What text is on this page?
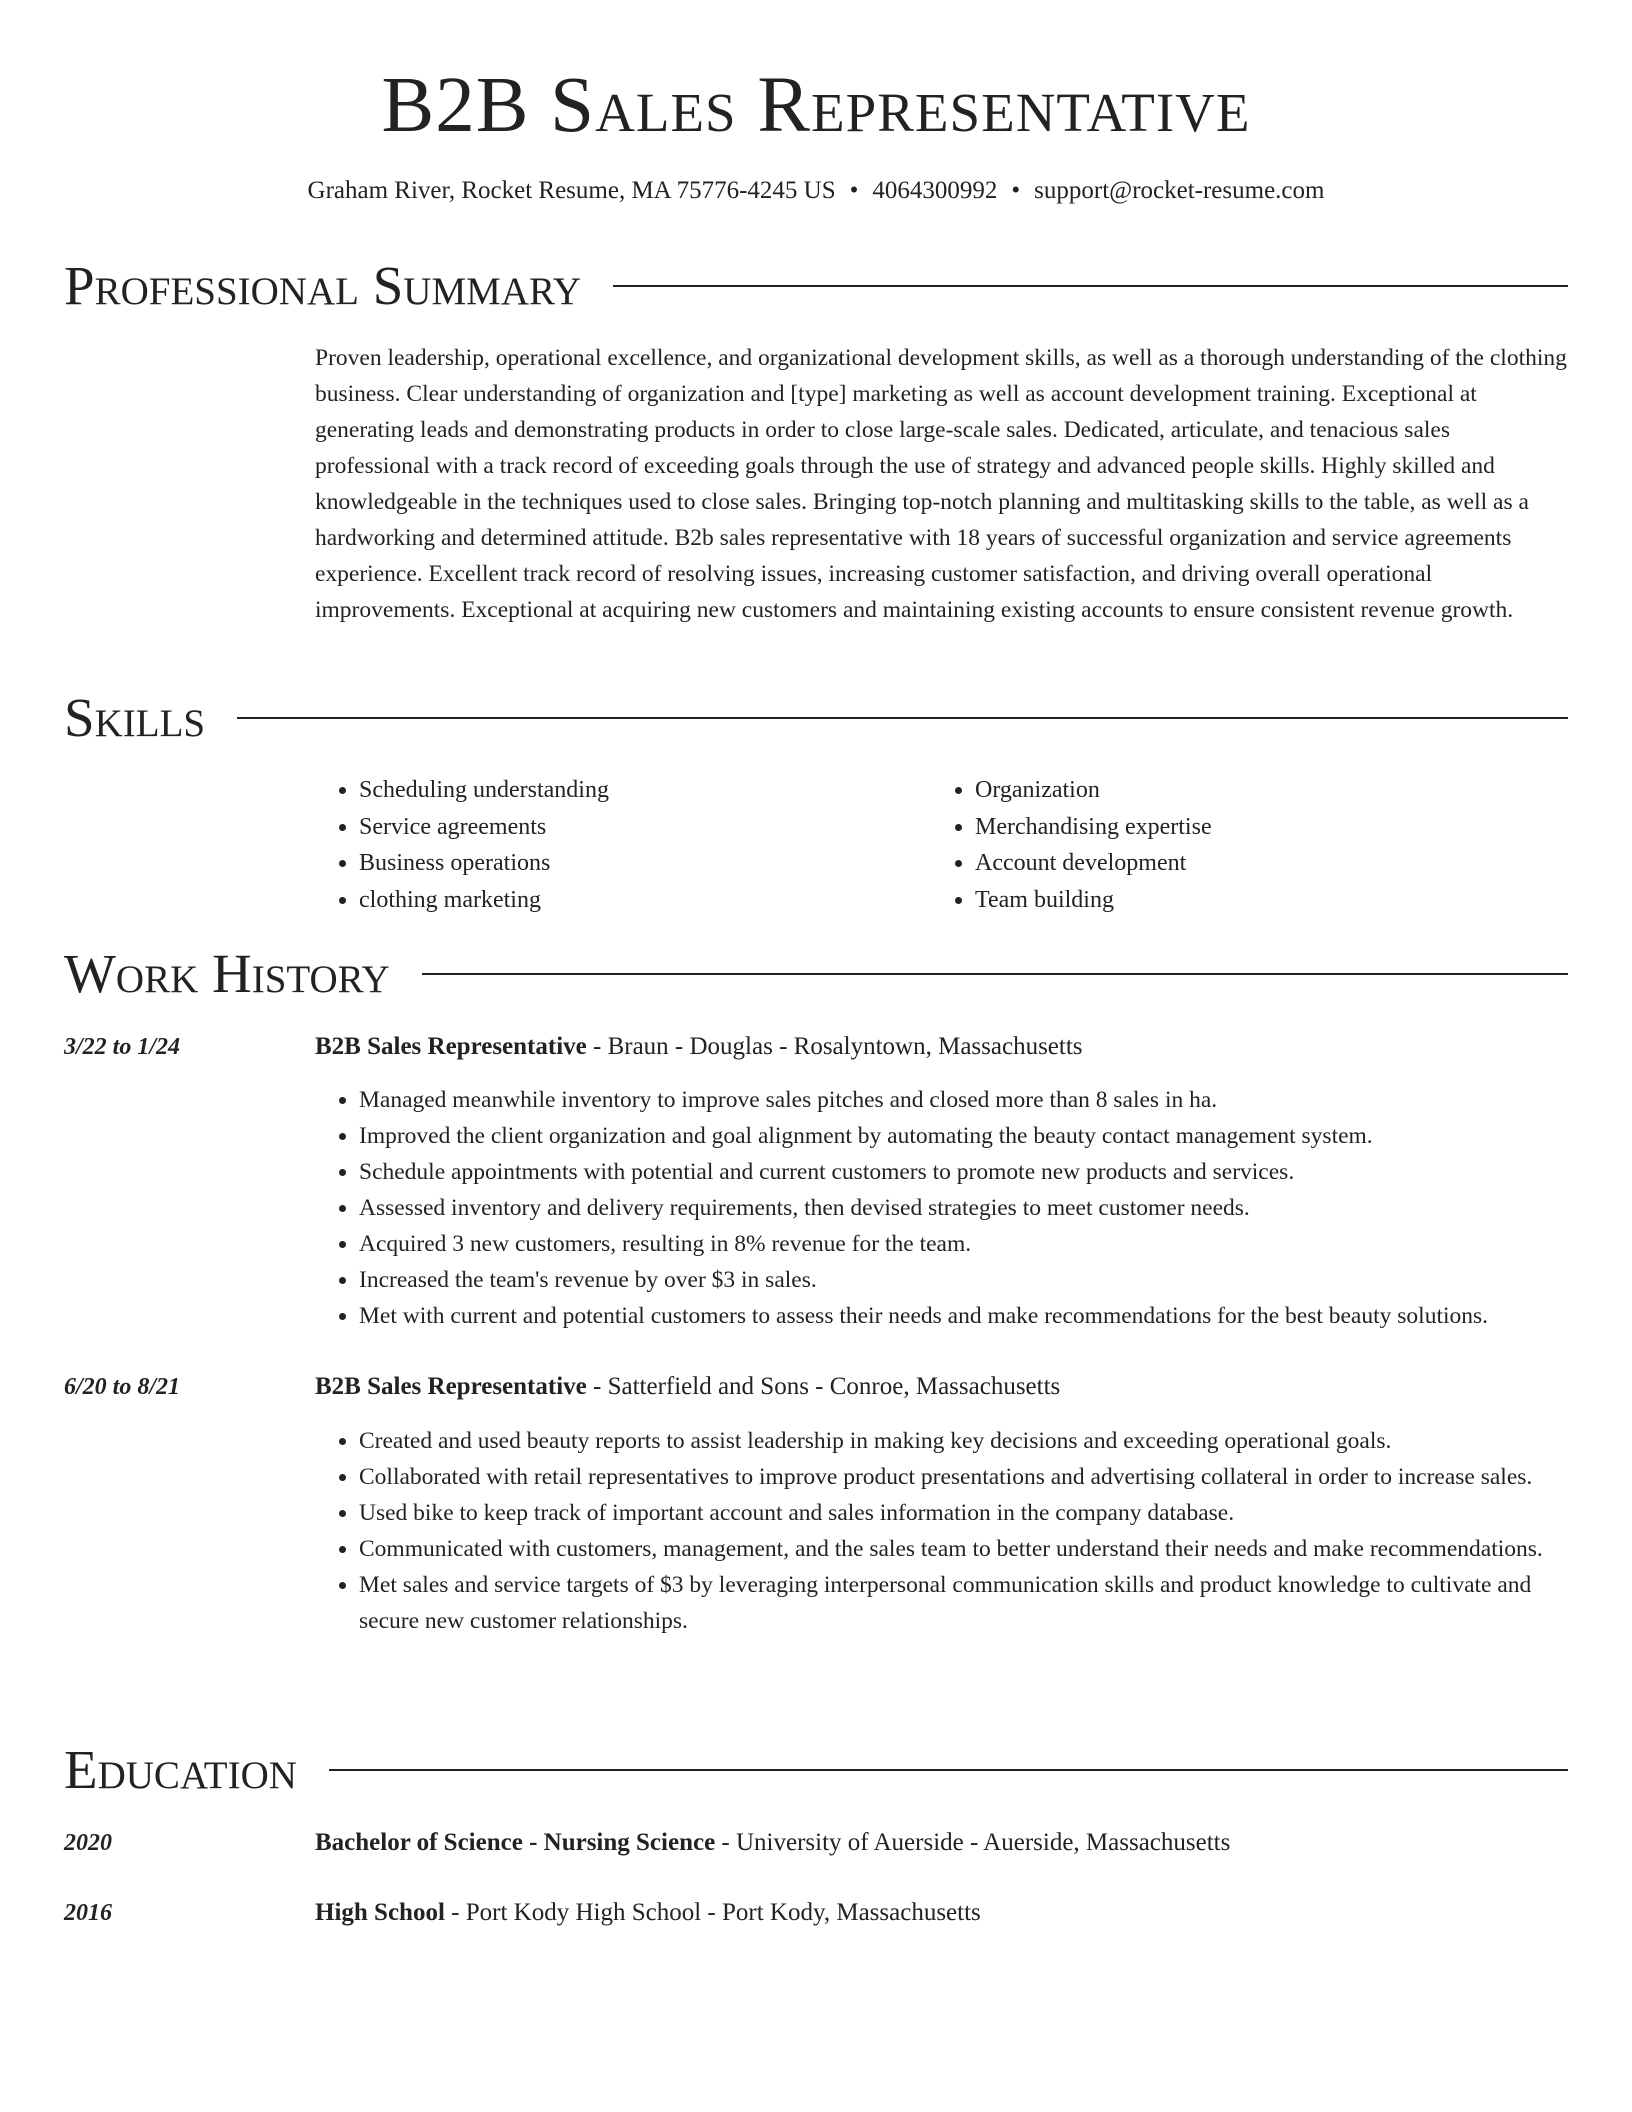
B2B Sales Representative
Graham River, Rocket Resume, MA 75776-4245 US • 4064300992 • support@rocket-resume.com
Professional Summary

Proven leadership, operational excellence, and organizational development skills, as well as a thorough understanding of the clothing business. Clear understanding of organization and [type] marketing as well as account development training. Exceptional at generating leads and demonstrating products in order to close large-scale sales. Dedicated, articulate, and tenacious sales professional with a track record of exceeding goals through the use of strategy and advanced people skills. Highly skilled and knowledgeable in the techniques used to close sales. Bringing top-notch planning and multitasking skills to the table, as well as a hardworking and determined attitude. B2b sales representative with 18 years of successful organization and service agreements experience. Excellent track record of resolving issues, increasing customer satisfaction, and driving overall operational improvements. Exceptional at acquiring new customers and maintaining existing accounts to ensure consistent revenue growth.

Skills
• Scheduling understanding
• Service agreements
• Business operations
• clothing marketing
• Organization
• Merchandising expertise
• Account development
• Team building
Work History
3/22 to 1/24	B2B Sales Representative - Braun - Douglas - Rosalyntown, Massachusetts
• Managed meanwhile inventory to improve sales pitches and closed more than 8 sales in ha.
• Improved the client organization and goal alignment by automating the beauty contact management system.
• Schedule appointments with potential and current customers to promote new products and services.
• Assessed inventory and delivery requirements, then devised strategies to meet customer needs.
• Acquired 3 new customers, resulting in 8% revenue for the team.
• Increased the team's revenue by over $3 in sales.
• Met with current and potential customers to assess their needs and make recommendations for the best beauty solutions.
6/20 to 8/21	B2B Sales Representative - Satterfield and Sons - Conroe, Massachusetts
• Created and used beauty reports to assist leadership in making key decisions and exceeding operational goals.
• Collaborated with retail representatives to improve product presentations and advertising collateral in order to increase sales.
• Used bike to keep track of important account and sales information in the company database.
• Communicated with customers, management, and the sales team to better understand their needs and make recommendations.
• Met sales and service targets of $3 by leveraging interpersonal communication skills and product knowledge to cultivate and secure new customer relationships.
Education
2020	Bachelor of Science - Nursing Science - University of Auerside - Auerside, Massachusetts
2016	High School - Port Kody High School - Port Kody, Massachusetts
